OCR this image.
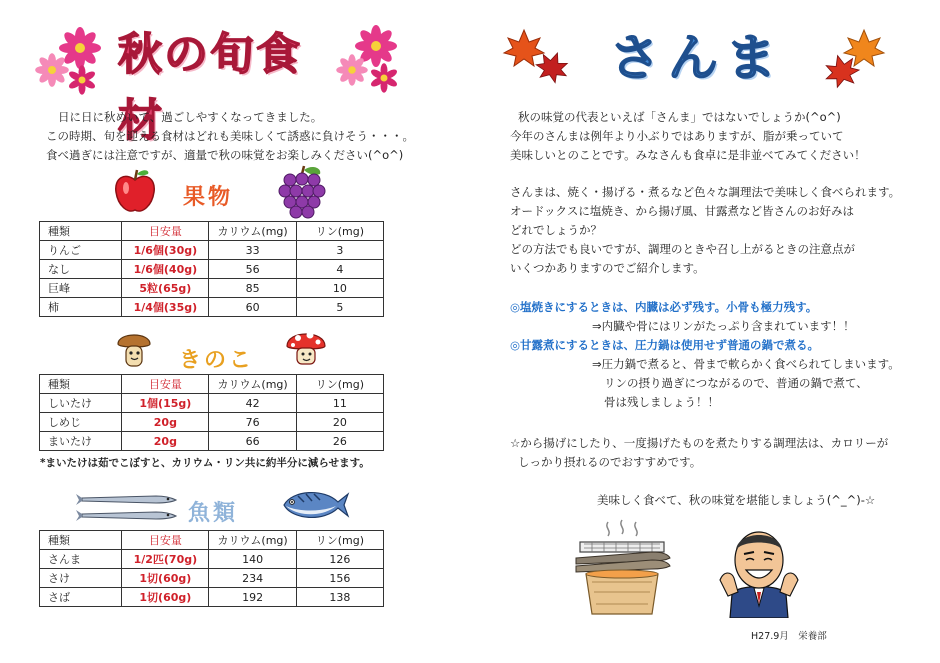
秋の旬食材
日に日に秋めいて、過ごしやすくなってきました。
この時期、旬を迎える食材はどれも美味しくて誘惑に負けそう・・・。
食べ過ぎには注意ですが、適量で秋の味覚をお楽しみください(^o^)
果物
種類	目安量	カリウム(mg)	リン(mg)
りんご	1/6個(30g)	33	3
なし	1/6個(40g)	56	4
巨峰	5粒(65g)	85	10
柿	1/4個(35g)	60	5
きのこ
種類	目安量	カリウム(mg)	リン(mg)
しいたけ	1個(15g)	42	11
しめじ	20g	76	20
まいたけ	20g	66	26
*まいたけは茹でこぼすと、カリウム・リン共に約半分に減らせます。
魚類
種類	目安量	カリウム(mg)	リン(mg)
さんま	1/2匹(70g)	140	126
さけ	1切(60g)	234	156
さば	1切(60g)	192	138
さんま
秋の味覚の代表といえば「さんま」ではないでしょうか(^o^)
今年のさんまは例年より小ぶりではありますが、脂が乗っていて
美味しいとのことです。みなさんも食卓に是非並べてみてください！
さんまは、焼く・揚げる・煮るなど色々な調理法で美味しく食べられます。
オードックスに塩焼き、から揚げ風、甘露煮など皆さんのお好みは
どれでしょうか？
どの方法でも良いですが、調理のときや召し上がるときの注意点が
いくつかありますのでご紹介します。
◎塩焼きにするときは、内臓は必ず残す。小骨も極力残す。
⇒内臓や骨にはリンがたっぷり含まれています！！
◎甘露煮にするときは、圧力鍋は使用せず普通の鍋で煮る。
⇒圧力鍋で煮ると、骨まで軟らかく食べられてしまいます。
リンの摂り過ぎにつながるので、普通の鍋で煮て、
骨は残しましょう！！
☆から揚げにしたり、一度揚げたものを煮たりする調理法は、カロリーが
しっかり摂れるのでおすすめです。
美味しく食べて、秋の味覚を堪能しましょう(^_^)-☆
H27.9月　栄養部
